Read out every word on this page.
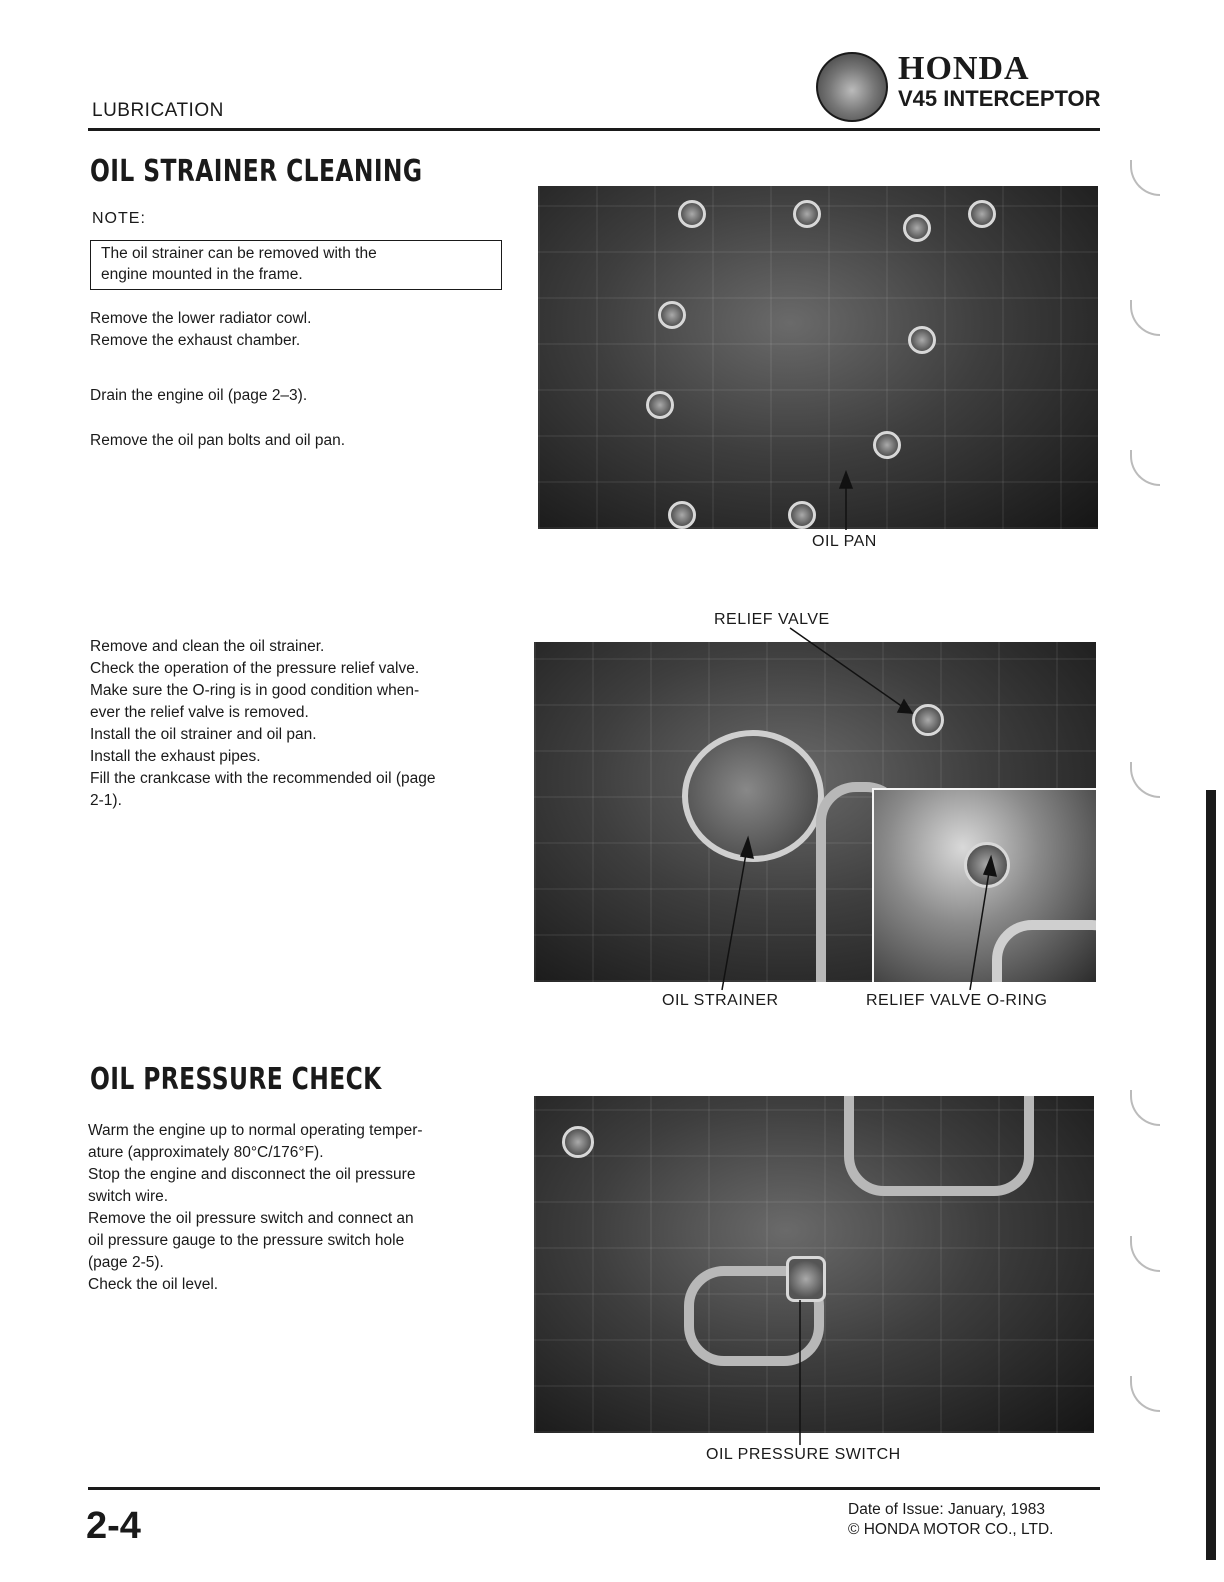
LUBRICATION
HONDA
V45 INTERCEPTOR
OIL STRAINER CLEANING
NOTE:
The oil strainer can be removed with the
engine mounted in the frame.

Remove the lower radiator cowl.

Remove the exhaust chamber.

Drain the engine oil (page 2–3).

Remove the oil pan bolts and oil pan.

OIL PAN

Remove and clean the oil strainer.

Check the operation of the pressure relief valve.

Make sure the O-ring is in good condition when-

ever the relief valve is removed.

Install the oil strainer and oil pan.

Install the exhaust pipes.

Fill the crankcase with the recommended oil (page

2-1).

RELIEF VALVE
OIL STRAINER	RELIEF VALVE O-RING
OIL PRESSURE CHECK

Warm the engine up to normal operating temper-

ature (approximately 80°C/176°F).

Stop the engine and disconnect the oil pressure

switch wire.

Remove the oil pressure switch and connect an

oil pressure gauge to the pressure switch hole

(page 2-5).

Check the oil level.

OIL PRESSURE SWITCH
2-4	Date of Issue: January, 1983
© HONDA MOTOR CO., LTD.
